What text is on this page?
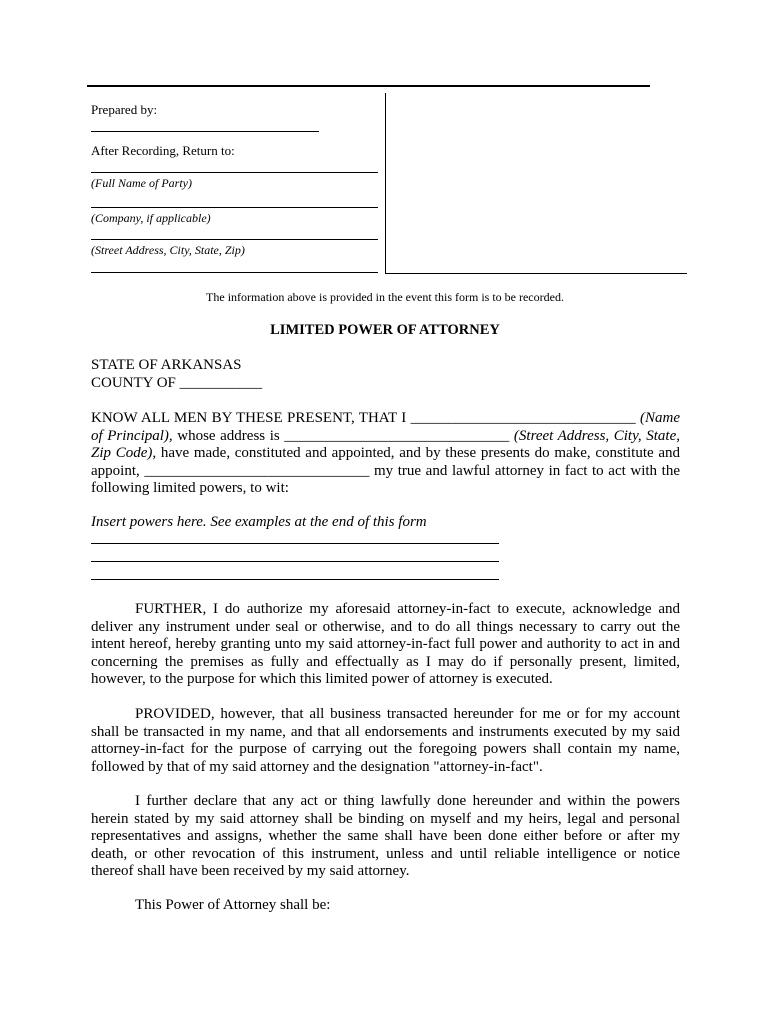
Prepared by:
After Recording, Return to:
(Full Name of Party)
(Company, if applicable)
(Street Address, City, State, Zip)
The information above is provided in the event this form is to be recorded.
LIMITED POWER OF ATTORNEY
STATE OF ARKANSAS
COUNTY OF ___________
KNOW ALL MEN BY THESE PRESENT, THAT I ______________________________ (Name of Principal), whose address is ______________________________ (Street Address, City, State, Zip Code), have made, constituted and appointed, and by these presents do make, constitute and appoint, ______________________________ my true and lawful attorney in fact to act with the following limited powers, to wit:
Insert powers here. See examples at the end of this form
FURTHER, I do authorize my aforesaid attorney-in-fact to execute, acknowledge and deliver any instrument under seal or otherwise, and to do all things necessary to carry out the intent hereof, hereby granting unto my said attorney-in-fact full power and authority to act in and concerning the premises as fully and effectually as I may do if personally present, limited, however, to the purpose for which this limited power of attorney is executed.
PROVIDED, however, that all business transacted hereunder for me or for my account shall be transacted in my name, and that all endorsements and instruments executed by my said attorney-in-fact for the purpose of carrying out the foregoing powers shall contain my name, followed by that of my said attorney and the designation "attorney-in-fact".
I further declare that any act or thing lawfully done hereunder and within the powers herein stated by my said attorney shall be binding on myself and my heirs, legal and personal representatives and assigns, whether the same shall have been done either before or after my death, or other revocation of this instrument, unless and until reliable intelligence or notice thereof shall have been received by my said attorney.
This Power of Attorney shall be:
